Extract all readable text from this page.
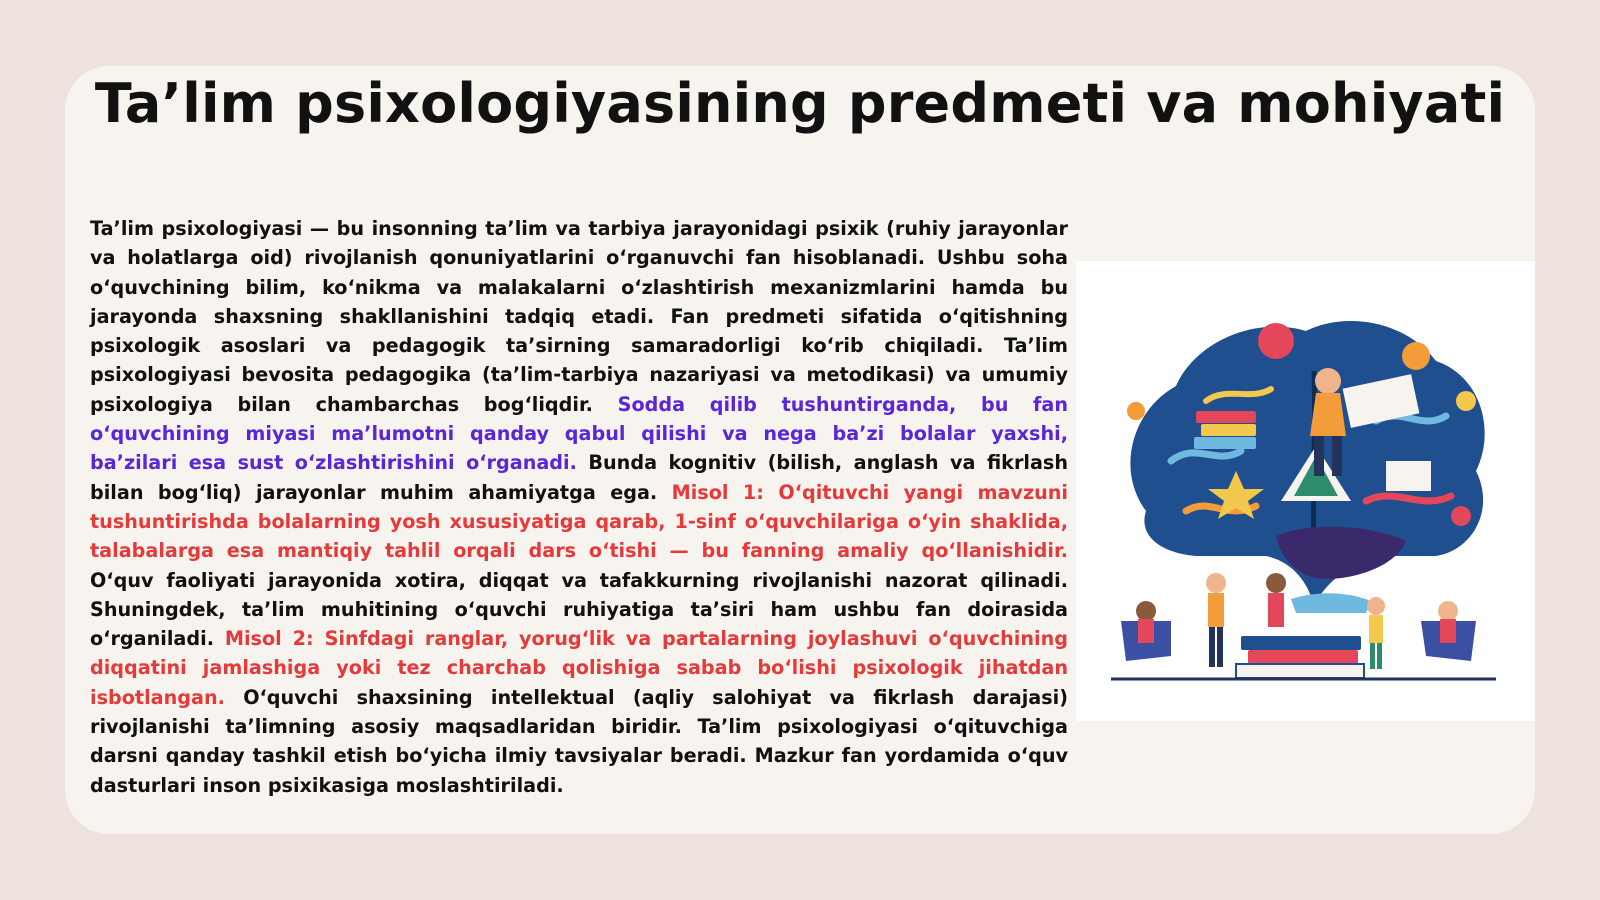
Ta’lim psixologiyasining predmeti va mohiyati

Ta’lim psixologiyasi — bu insonning ta’lim va tarbiya jarayonidagi psixik (ruhiy jarayonlar va holatlarga oid) rivojlanish qonuniyatlarini o‘rganuvchi fan hisoblanadi. Ushbu soha o‘quvchining bilim, ko‘nikma va malakalarni o‘zlashtirish mexanizmlarini hamda bu jarayonda shaxsning shakllanishini tadqiq etadi. Fan predmeti sifatida o‘qitishning psixologik asoslari va pedagogik ta’sirning samaradorligi ko‘rib chiqiladi. Ta’lim psixologiyasi bevosita pedagogika (ta’lim-tarbiya nazariyasi va metodikasi) va umumiy psixologiya bilan chambarchas bog‘liqdir. Sodda qilib tushuntirganda, bu fan o‘quvchining miyasi ma’lumotni qanday qabul qilishi va nega ba’zi bolalar yaxshi, ba’zilari esa sust o‘zlashtirishini o‘rganadi. Bunda kognitiv (bilish, anglash va fikrlash bilan bog‘liq) jarayonlar muhim ahamiyatga ega. Misol 1: O‘qituvchi yangi mavzuni tushuntirishda bolalarning yosh xususiyatiga qarab, 1-sinf o‘quvchilariga o‘yin shaklida, talabalarga esa mantiqiy tahlil orqali dars o‘tishi — bu fanning amaliy qo‘llanishidir. O‘quv faoliyati jarayonida xotira, diqqat va tafakkurning rivojlanishi nazorat qilinadi. Shuningdek, ta’lim muhitining o‘quvchi ruhiyatiga ta’siri ham ushbu fan doirasida o‘rganiladi. Misol 2: Sinfdagi ranglar, yorug‘lik va partalarning joylashuvi o‘quvchining diqqatini jamlashiga yoki tez charchab qolishiga sabab bo‘lishi psixologik jihatdan isbotlangan. O‘quvchi shaxsining intellektual (aqliy salohiyat va fikrlash darajasi) rivojlanishi ta’limning asosiy maqsadlaridan biridir. Ta’lim psixologiyasi o‘qituvchiga darsni qanday tashkil etish bo‘yicha ilmiy tavsiyalar beradi. Mazkur fan yordamida o‘quv dasturlari inson psixikasiga moslashtiriladi.
